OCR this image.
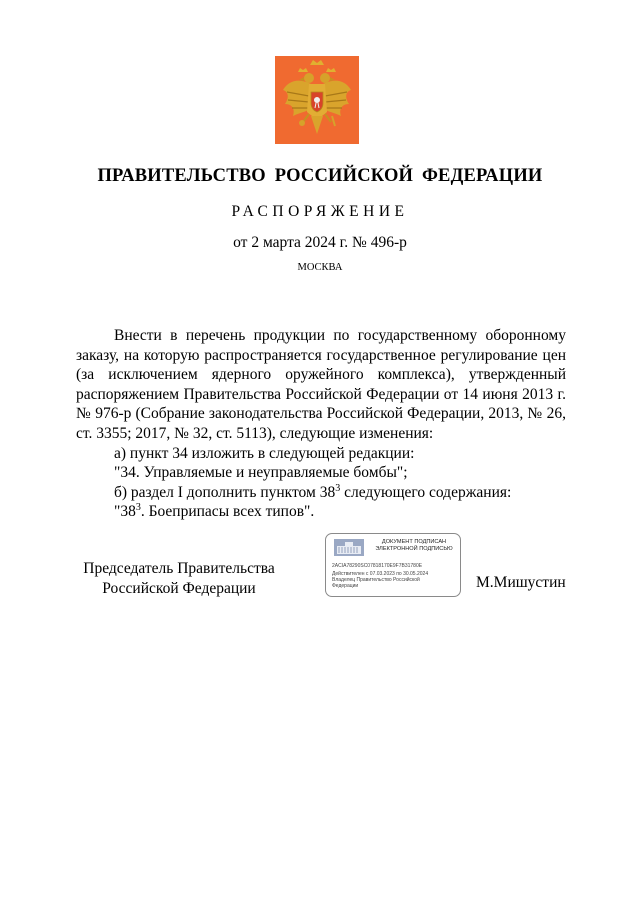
ПРАВИТЕЛЬСТВО РОССИЙСКОЙ ФЕДЕРАЦИИ
РАСПОРЯЖЕНИЕ
от 2 марта 2024 г. № 496-р
МОСКВА

Внести в перечень продукции по государственному оборонному заказу, на которую распространяется государственное регулирование цен (за исключением ядерного оружейного комплекса), утвержденный распоряжением Правительства Российской Федерации от 14 июня 2013 г. № 976-р (Собрание законодательства Российской Федерации, 2013, № 26, ст. 3355; 2017, № 32, ст. 5113), следующие изменения:

а) пункт 34 изложить в следующей редакции:

"34. Управляемые и неуправляемые бомбы";

б) раздел I дополнить пунктом $38^3$ следующего содержания:

"$38^3$. Боеприпасы всех типов".

Председатель Правительства
Российской Федерации
ДОКУМЕНТ ПОДПИСАН
ЭЛЕКТРОННОЙ ПОДПИСЬЮ
2ACIA78290SC07818170E9F7B31780E
Действителен с 07.03.2023 по 30.05.2024
Владелец Правительство Российской
Федерации	М.Мишустин
